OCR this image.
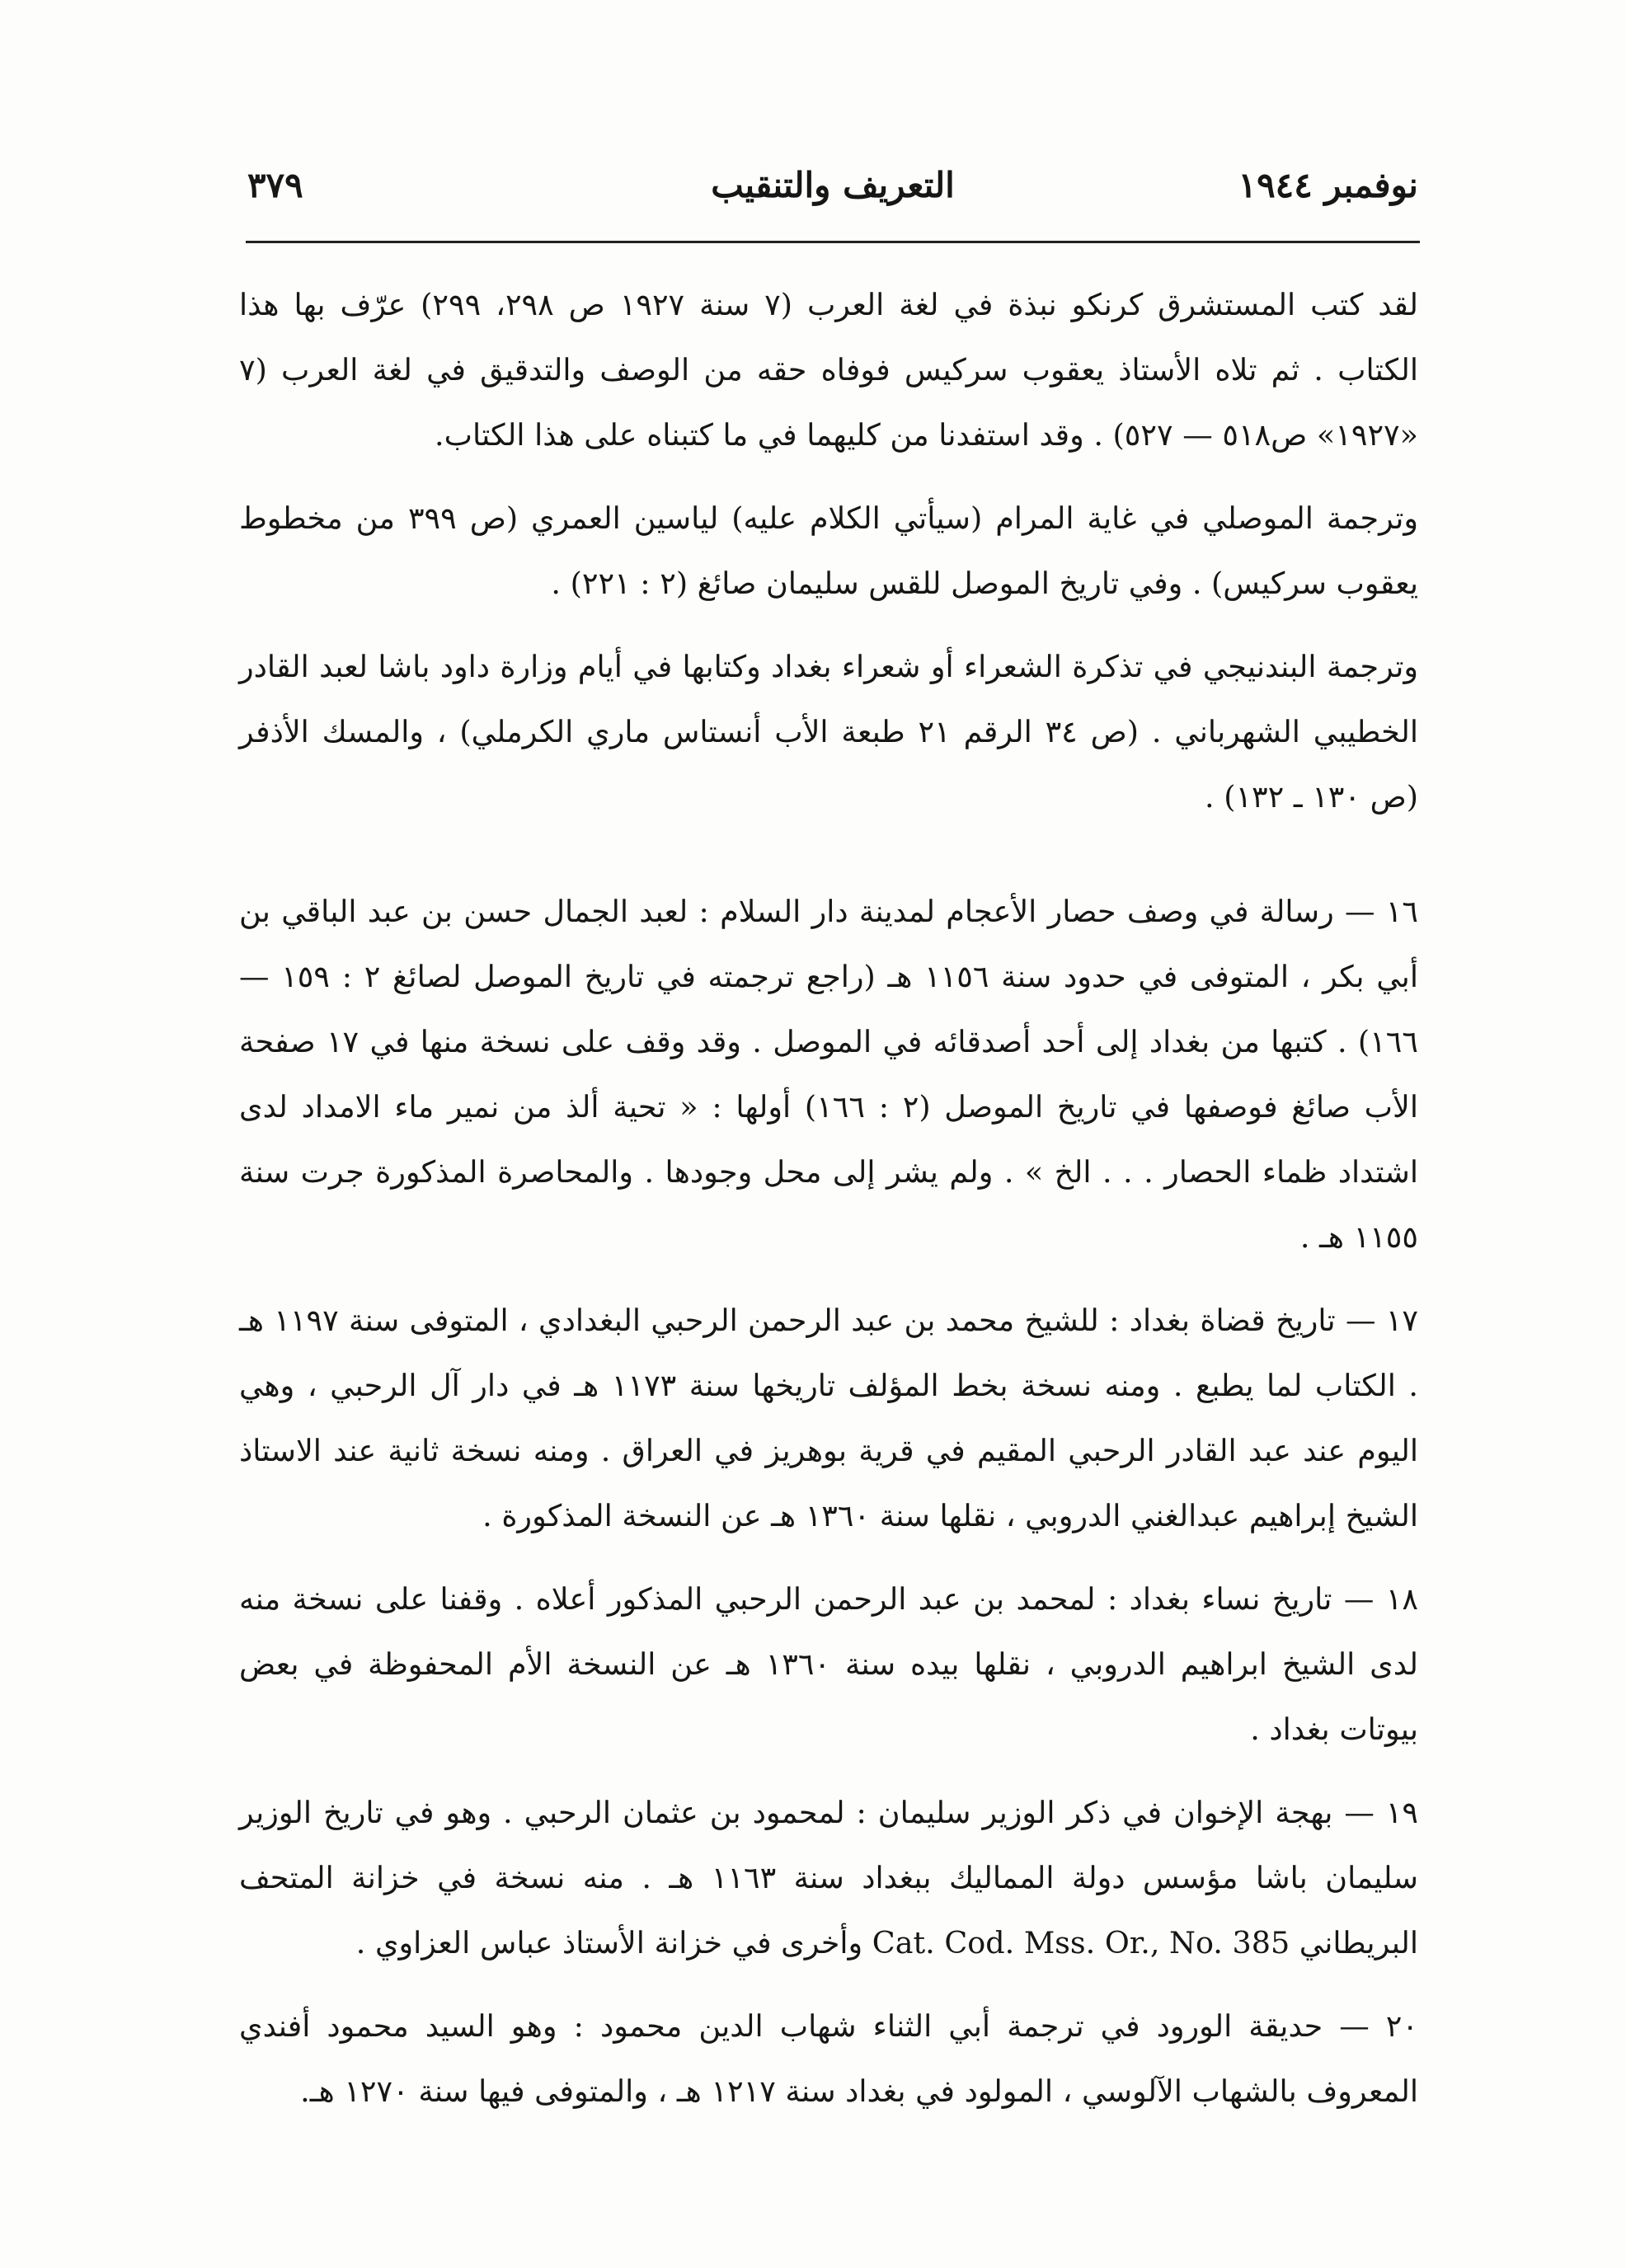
نوفمبر ١٩٤٤
التعريف والتنقيب
٣٧٩

لقد كتب المستشرق كرنكو نبذة في لغة العرب (٧ سنة ١٩٢٧ ص ٢٩٨، ٢٩٩) عرّف بها هذا الكتاب . ثم تلاه الأستاذ يعقوب سركيس فوفاه حقه من الوصف والتدقيق في لغة العرب (٧ «١٩٢٧» ص٥١٨ — ٥٢٧) . وقد استفدنا من كليهما في ما كتبناه على هذا الكتاب.

وترجمة الموصلي في غاية المرام (سيأتي الكلام عليه) لياسين العمري (ص ٣٩٩ من مخطوط يعقوب سركيس) . وفي تاريخ الموصل للقس سليمان صائغ (٢ : ٢٢١) .

وترجمة البندنيجي في تذكرة الشعراء أو شعراء بغداد وكتابها في أيام وزارة داود باشا لعبد القادر الخطيبي الشهرباني . (ص ٣٤ الرقم ٢١ طبعة الأب أنستاس ماري الكرملي) ، والمسك الأذفر (ص ١٣٠ ـ ١٣٢) .

١٦ — رسالة في وصف حصار الأعجام لمدينة دار السلام : لعبد الجمال حسن بن عبد الباقي بن أبي بكر ، المتوفى في حدود سنة ١١٥٦ هـ (راجع ترجمته في تاريخ الموصل لصائغ ٢ : ١٥٩ — ١٦٦) . كتبها من بغداد إلى أحد أصدقائه في الموصل . وقد وقف على نسخة منها في ١٧ صفحة الأب صائغ فوصفها في تاريخ الموصل (٢ : ١٦٦) أولها : « تحية ألذ من نمير ماء الامداد لدى اشتداد ظماء الحصار . . . الخ » . ولم يشر إلى محل وجودها . والمحاصرة المذكورة جرت سنة ١١٥٥ هـ .

١٧ — تاريخ قضاة بغداد : للشيخ محمد بن عبد الرحمن الرحبي البغدادي ، المتوفى سنة ١١٩٧ هـ . الكتاب لما يطبع . ومنه نسخة بخط المؤلف تاريخها سنة ١١٧٣ هـ في دار آل الرحبي ، وهي اليوم عند عبد القادر الرحبي المقيم في قرية بوهريز في العراق . ومنه نسخة ثانية عند الاستاذ الشيخ إبراهيم عبدالغني الدروبي ، نقلها سنة ١٣٦٠ هـ عن النسخة المذكورة .

١٨ — تاريخ نساء بغداد : لمحمد بن عبد الرحمن الرحبي المذكور أعلاه . وقفنا على نسخة منه لدى الشيخ ابراهيم الدروبي ، نقلها بيده سنة ١٣٦٠ هـ عن النسخة الأم المحفوظة في بعض بيوتات بغداد .

١٩ — بهجة الإخوان في ذكر الوزير سليمان : لمحمود بن عثمان الرحبي . وهو في تاريخ الوزير سليمان باشا مؤسس دولة المماليك ببغداد سنة ١١٦٣ هـ . منه نسخة في خزانة المتحف البريطاني Cat. Cod. Mss. Or., No. 385 وأخرى في خزانة الأستاذ عباس العزاوي .

٢٠ — حديقة الورود في ترجمة أبي الثناء شهاب الدين محمود : وهو السيد محمود أفندي المعروف بالشهاب الآلوسي ، المولود في بغداد سنة ١٢١٧ هـ ، والمتوفى فيها سنة ١٢٧٠ هـ.
